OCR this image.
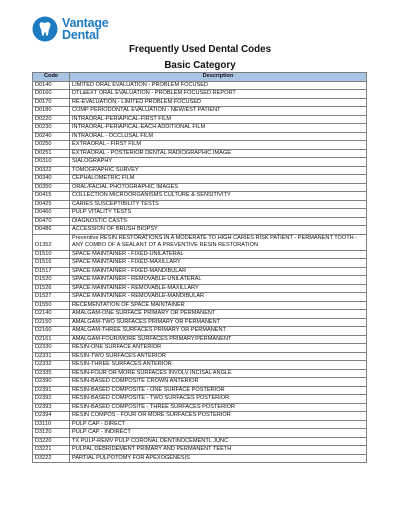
Vantage
Dental
Frequently Used Dental Codes
Basic Category
Code	Description
D0140	LIMITED ORAL EVALUATION - PROBLEM FOCUSED
D0160	DTL&EXT ORAL EVALUATION - PROBLEM FOCUSED REPORT
D0170	RE-EVALUATION - LIMITED PROBLEM FOCUSED
D0180	COMP PERIODONTAL EVALUATION - NEW/EST PATIENT
D0220	INTRAORAL-PERIAPICAL-FIRST FILM
D0230	INTRAORAL-PERIAPICAL-EACH ADDITIONAL FILM
D0240	INTRAORAL - OCCLUSAL FILM
D0250	EXTRAORAL - FIRST FILM
D0251	EXTRAORAL - POSTERIOR DENTAL RADIOGRAPHIC IMAGE
D0310	SIALOGRAPHY
D0322	TOMOGRAPHIC SURVEY
D0340	CEPHALOMETRIC FILM
D0350	ORAL/FACIAL PHOTOGRAPHIC IMAGES
D0415	COLLECTION MICROORGANISMS CULTURE & SENSITIVITY
D0425	CARIES SUSCEPTIBILITY TESTS
D0460	PULP VITALITY TESTS
D0470	DIAGNOSTIC CASTS
D0486	ACCESSION OF BRUSH BIOPSY
D1352	Preventive RESIN RESTORATIONS IN A MODERATE TO HIGH CARIES RISK PATIENT - PERMANENT TOOTH - ANY COMBO OF A SEALANT OT A PREVENTIVE RESIN RESTORATION
D1510	SPACE MAINTAINER - FIXED-UNILATERAL
D1516	SPACE MAINTAINER - FIXED-MAXILLARY
D1517	SPACE MAINTAINER - FIXED-MANDIBULAR
D1520	SPACE MAINTAINER - REMOVABLE-UNILATERAL
D1526	SPACE MAINTAINER - REMOVABLE-MAXILLARY
D1527	SPACE MAINTAINER - REMOVABLE-MANDIBULAR
D1550	RECEMENTATION OF SPACE MAINTAINER
D2140	AMALGAM-ONE SURFACE PRIMARY OR PERMANENT
D2150	AMALGAM-TWO SURFACES PRIMARY OR PERMANENT
D2160	AMALGAM-THREE SURFACES PRIMARY OR PERMANENT
D2161	AMALGAM-FOUR/MORE SURFACES PRIMARY/PERMANENT
D2330	RESIN-ONE SURFACE ANTERIOR
D2331	RESIN-TWO SURFACES ANTERIOR
D2332	RESIN-THREE SURFACES ANTERIOR
D2335	RESIN-FOUR OR MORE SURFACES INVOLV INCISAL ANGLE
D2390	RESIN-BASED COMPOSITE CROWN ANTERIOR
D2391	RESIN-BASED COMPOSITE - ONE SURFACE POSTERIOR
D2392	RESIN-BASED COMPOSITE - TWO SURFACES POSTERIOR
D2393	RESIN-BASED COMPOSITE - THREE SURFACES POSTERIOR
D2394	RESIN COMPOS - FOUR OR MORE SURFACES POSTERIOR
D3110	PULP CAP - DIRECT
D3120	PULP CAP - INDIRECT
D3220	TX PULP-REMV PULP CORONAL DENTINOCEMENTL JUNC
D3221	PULPAL DEBRIDEMENT PRIMARY AND PERMANENT TEETH
D3222	PARTIAL PULPOTOMY FOR APEXOGENESIS
